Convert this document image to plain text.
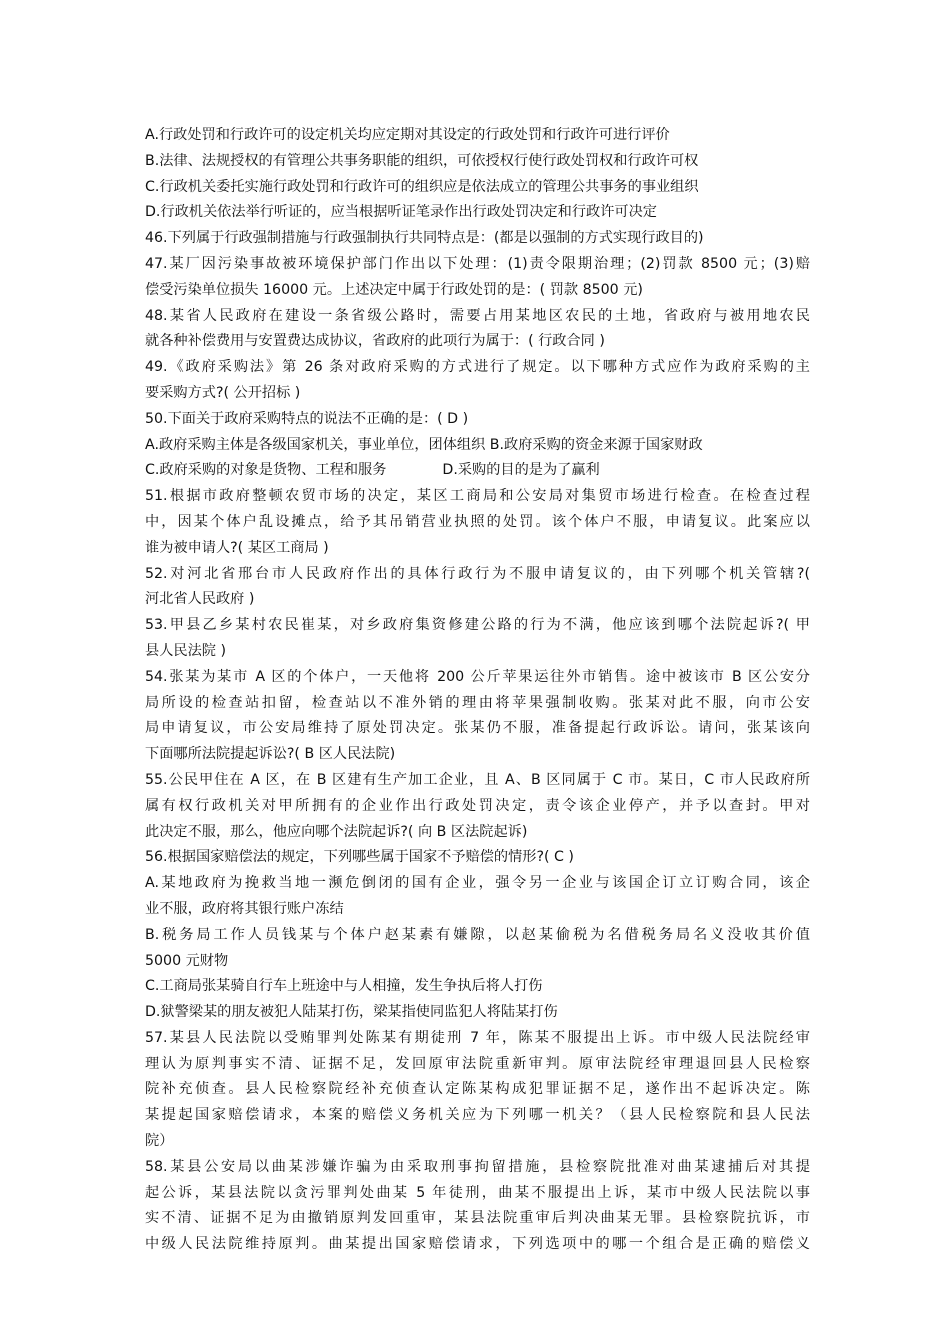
A.行政处罚和行政许可的设定机关均应定期对其设定的行政处罚和行政许可进行评价
B.法律、法规授权的有管理公共事务职能的组织，可依授权行使行政处罚权和行政许可权
C.行政机关委托实施行政处罚和行政许可的组织应是依法成立的管理公共事务的事业组织
D.行政机关依法举行听证的，应当根据听证笔录作出行政处罚决定和行政许可决定
46.下列属于行政强制措施与行政强制执行共同特点是：(都是以强制的方式实现行政目的)
47.某厂因污染事故被环境保护部门作出以下处理：(1)责令限期治理；(2)罚款 8500 元；(3)赔
偿受污染单位损失 16000 元。上述决定中属于行政处罚的是：( 罚款 8500 元)
48.某省人民政府在建设一条省级公路时，需要占用某地区农民的土地，省政府与被用地农民
就各种补偿费用与安置费达成协议，省政府的此项行为属于：( 行政合同 )
49.《政府采购法》第 26 条对政府采购的方式进行了规定。以下哪种方式应作为政府采购的主
要采购方式?( 公开招标 )
50.下面关于政府采购特点的说法不正确的是：( D )
A.政府采购主体是各级国家机关，事业单位，团体组织 B.政府采购的资金来源于国家财政
C.政府采购的对象是货物、工程和服务	D.采购的目的是为了赢利
51.根据市政府整顿农贸市场的决定，某区工商局和公安局对集贸市场进行检查。在检查过程
中，因某个体户乱设摊点，给予其吊销营业执照的处罚。该个体户不服，申请复议。此案应以
谁为被申请人?( 某区工商局 )
52.对河北省邢台市人民政府作出的具体行政行为不服申请复议的，由下列哪个机关管辖?(
河北省人民政府 )
53.甲县乙乡某村农民崔某，对乡政府集资修建公路的行为不满，他应该到哪个法院起诉?( 甲
县人民法院 )
54.张某为某市 A 区的个体户，一天他将 200 公斤苹果运往外市销售。途中被该市 B 区公安分
局所设的检查站扣留，检查站以不准外销的理由将苹果强制收购。张某对此不服，向市公安
局申请复议，市公安局维持了原处罚决定。张某仍不服，准备提起行政诉讼。请问，张某该向
下面哪所法院提起诉讼?( B 区人民法院)
55.公民甲住在 A 区，在 B 区建有生产加工企业，且 A、B 区同属于 C 市。某日，C 市人民政府所
属有权行政机关对甲所拥有的企业作出行政处罚决定，责令该企业停产，并予以查封。甲对
此决定不服，那么，他应向哪个法院起诉?( 向 B 区法院起诉)
56.根据国家赔偿法的规定，下列哪些属于国家不予赔偿的情形?( C )
A.某地政府为挽救当地一濒危倒闭的国有企业，强令另一企业与该国企订立订购合同，该企
业不服，政府将其银行账户冻结
B.税务局工作人员钱某与个体户赵某素有嫌隙，以赵某偷税为名借税务局名义没收其价值
5000 元财物
C.工商局张某骑自行车上班途中与人相撞，发生争执后将人打伤
D.狱警梁某的朋友被犯人陆某打伤，梁某指使同监犯人将陆某打伤
57.某县人民法院以受贿罪判处陈某有期徒刑 7 年，陈某不服提出上诉。市中级人民法院经审
理认为原判事实不清、证据不足，发回原审法院重新审判。原审法院经审理退回县人民检察
院补充侦查。县人民检察院经补充侦查认定陈某构成犯罪证据不足，遂作出不起诉决定。陈
某提起国家赔偿请求，本案的赔偿义务机关应为下列哪一机关？（县人民检察院和县人民法
院）
58.某县公安局以曲某涉嫌诈骗为由采取刑事拘留措施，县检察院批准对曲某逮捕后对其提
起公诉，某县法院以贪污罪判处曲某 5 年徒刑，曲某不服提出上诉，某市中级人民法院以事
实不清、证据不足为由撤销原判发回重审，某县法院重审后判决曲某无罪。县检察院抗诉，市
中级人民法院维持原判。曲某提出国家赔偿请求，下列选项中的哪一个组合是正确的赔偿义
